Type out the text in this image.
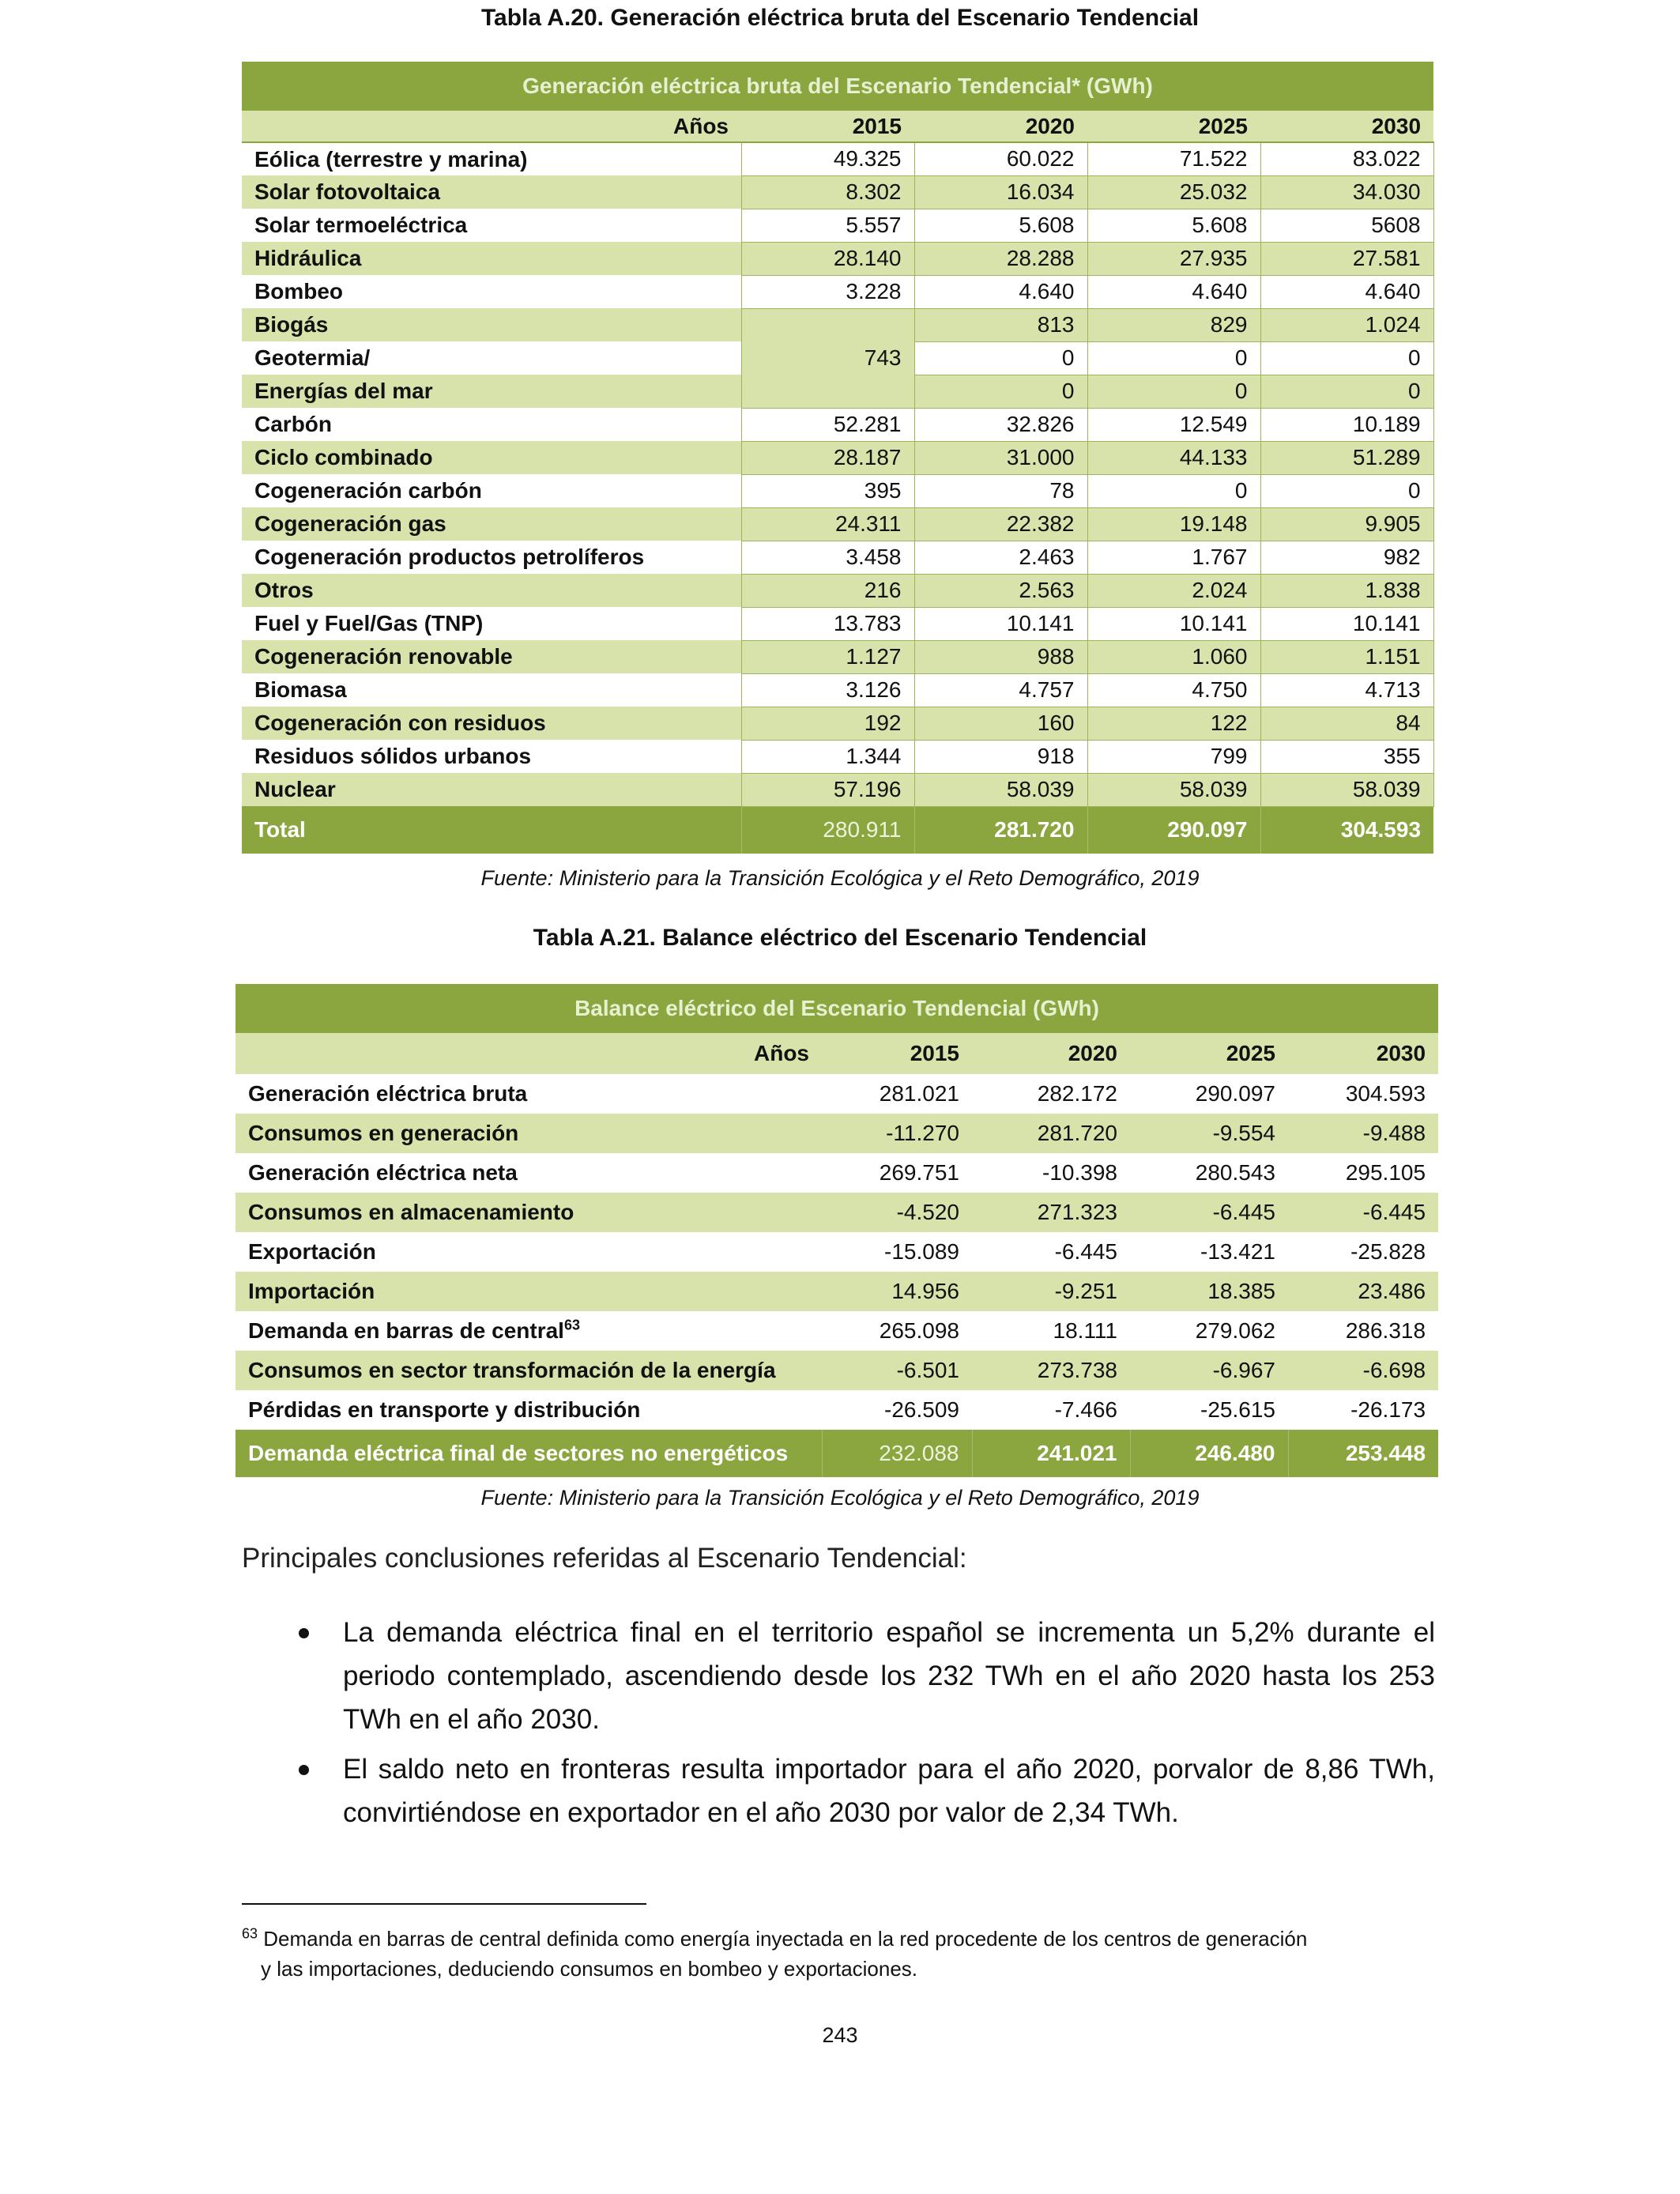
Tabla A.20. Generación eléctrica bruta del Escenario Tendencial
Generación eléctrica bruta del Escenario Tendencial* (GWh)				
Años	2015	2020	2025	2030
Eólica (terrestre y marina)	49.325	60.022	71.522	83.022
Solar fotovoltaica	8.302	16.034	25.032	34.030
Solar termoeléctrica	5.557	5.608	5.608	5608
Hidráulica	28.140	28.288	27.935	27.581
Bombeo	3.228	4.640	4.640	4.640
Biogás	743	813	829	1.024
Geotermia/		0	0	0
Energías del mar		0	0	0
Carbón	52.281	32.826	12.549	10.189
Ciclo combinado	28.187	31.000	44.133	51.289
Cogeneración carbón	395	78	0	0
Cogeneración gas	24.311	22.382	19.148	9.905
Cogeneración productos petrolíferos	3.458	2.463	1.767	982
Otros	216	2.563	2.024	1.838
Fuel y Fuel/Gas (TNP)	13.783	10.141	10.141	10.141
Cogeneración renovable	1.127	988	1.060	1.151
Biomasa	3.126	4.757	4.750	4.713
Cogeneración con residuos	192	160	122	84
Residuos sólidos urbanos	1.344	918	799	355
Nuclear	57.196	58.039	58.039	58.039
Total	280.911	281.720	290.097	304.593
Fuente: Ministerio para la Transición Ecológica y el Reto Demográfico, 2019
Tabla A.21. Balance eléctrico del Escenario Tendencial
Balance eléctrico del Escenario Tendencial (GWh)				
Años	2015	2020	2025	2030
Generación eléctrica bruta	281.021	282.172	290.097	304.593
Consumos en generación	-11.270	281.720	-9.554	-9.488
Generación eléctrica neta	269.751	-10.398	280.543	295.105
Consumos en almacenamiento	-4.520	271.323	-6.445	-6.445
Exportación	-15.089	-6.445	-13.421	-25.828
Importación	14.956	-9.251	18.385	23.486
Demanda en barras de central$^{63}$	265.098	18.111	279.062	286.318
Consumos en sector transformación de la energía	-6.501	273.738	-6.967	-6.698
Pérdidas en transporte y distribución	-26.509	-7.466	-25.615	-26.173
Demanda eléctrica final de sectores no energéticos	232.088	241.021	246.480	253.448
Fuente: Ministerio para la Transición Ecológica y el Reto Demográfico, 2019
Principales conclusiones referidas al Escenario Tendencial:
La demanda eléctrica final en el territorio español se incrementa un 5,2% durante el periodo contemplado, ascendiendo desde los 232 TWh en el año 2020 hasta los 253 TWh en el año 2030.
El saldo neto en fronteras resulta importador para el año 2020, porvalor de 8,86 TWh, convirtiéndose en exportador en el año 2030 por valor de 2,34 TWh.
$^{63}$ Demanda en barras de central definida como energía inyectada en la red procedente de los centros de generación
y las importaciones, deduciendo consumos en bombeo y exportaciones.
243
